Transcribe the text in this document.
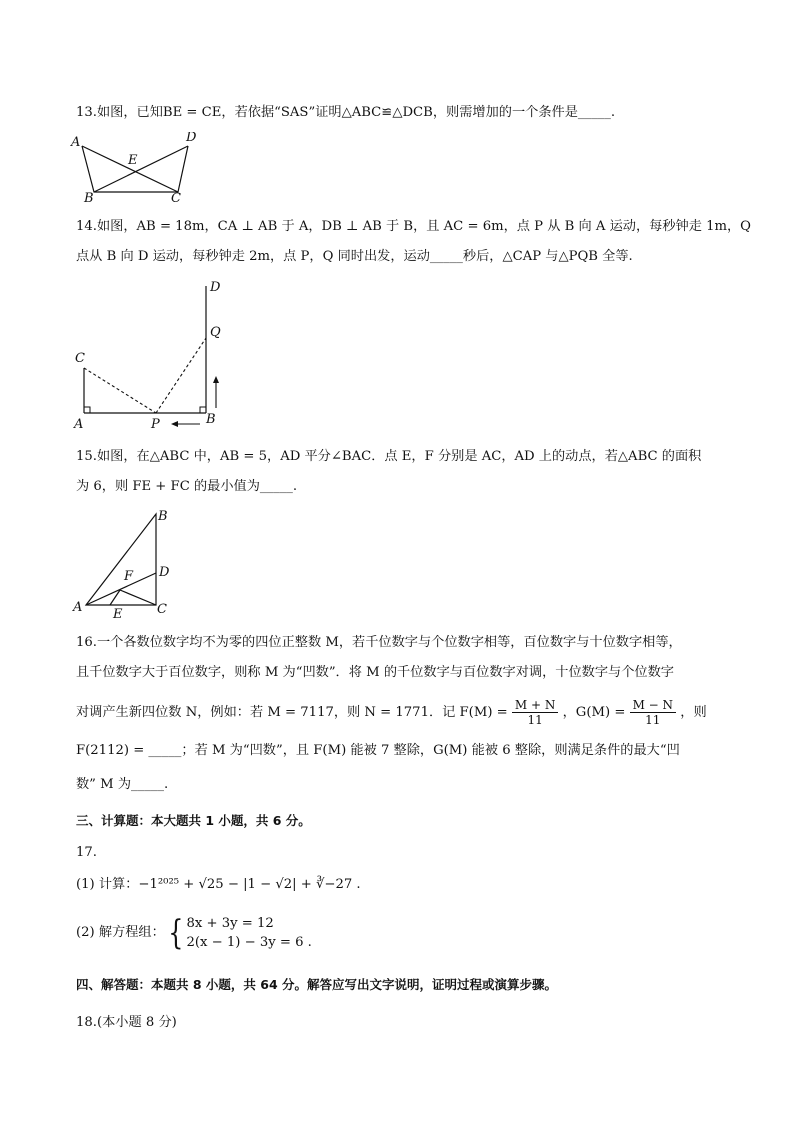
13.如图，已知BE = CE，若依据“SAS”证明△ABC≌△DCB，则需增加的一个条件是_____.
A	D
E
B	C
14.如图，AB = 18m，CA ⊥ AB 于 A，DB ⊥ AB 于 B，且 AC = 6m，点 P 从 B 向 A 运动，每秒钟走 1m，Q
点从 B 向 D 运动，每秒钟走 2m，点 P，Q 同时出发，运动_____秒后，△CAP 与△PQB 全等.
D
Q
C
A	P	B
15.如图，在△ABC 中，AB = 5，AD 平分∠BAC．点 E，F 分别是 AC，AD 上的动点，若△ABC 的面积
为 6，则 FE + FC 的最小值为_____.
B
F D
A E	C
16.一个各数位数字均不为零的四位正整数 M，若千位数字与个位数字相等，百位数字与十位数字相等，
且千位数字大于百位数字，则称 M 为“凹数”．将 M 的千位数字与百位数字对调，十位数字与个位数字
对调产生新四位数 N，例如：若 M = 7117，则 N = 1771．记 $F(M) = \frac{M + N}{11}$ ，$G(M) = \frac{M - N}{11}$ ，则
F(2112) = _____；若 M 为“凹数”，且 F(M) 能被 7 整除，G(M) 能被 6 整除，则满足条件的最大“凹
数” M 为_____.
三、计算题：本大题共 1 小题，共 6 分。
17.
(1) 计算：−1²⁰²⁵ + √25 − |1 − √2| + ∛−27 .
(2) 解方程组：{ 8x + 3y = 12
2(x − 1) − 3y = 6 .
四、解答题：本题共 8 小题，共 64 分。解答应写出文字说明，证明过程或演算步骤。
18.(本小题 8 分)
